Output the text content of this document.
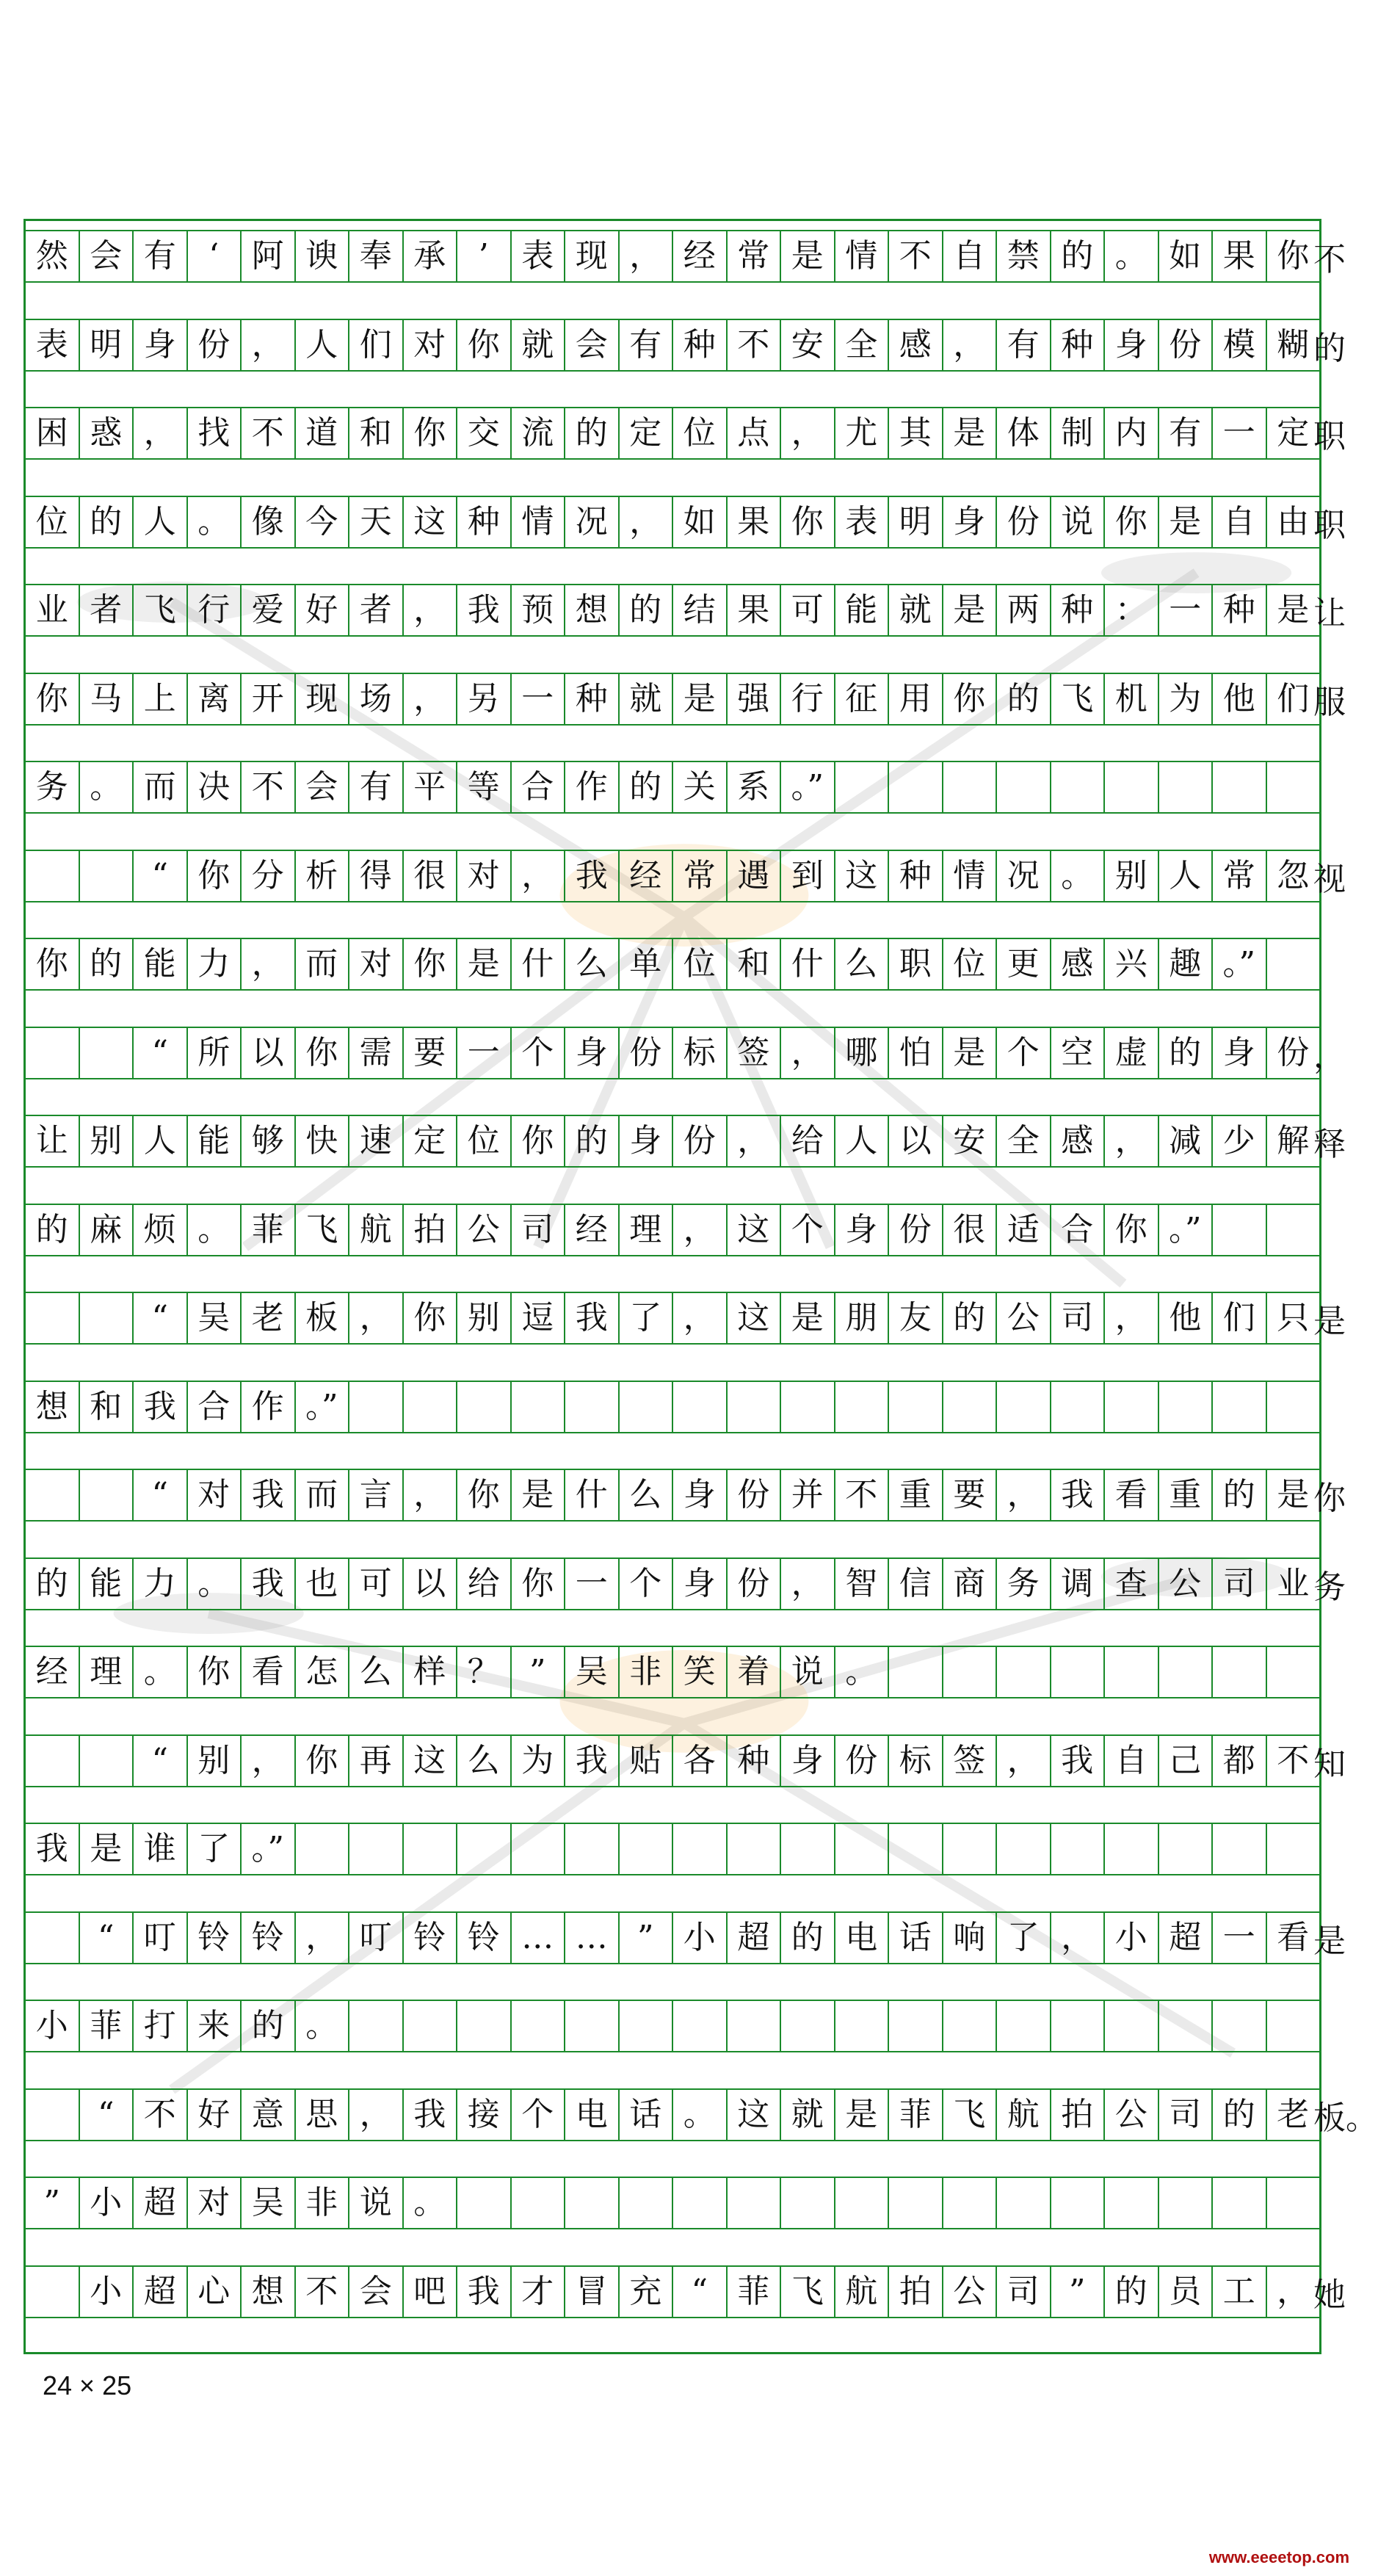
然 会 有	‘	阿 谀 奉 承	’	表 现 ， 经 常 是 情 不 自 禁 的 。 如 果 你 不
表 明 身 份 ， 人 们 对 你 就 会 有 种 不 安 全 感 ， 有 种 身 份 模 糊 的
困 惑 ， 找 不 道 和 你 交 流 的 定 位 点 ， 尤 其 是 体 制 内 有 一 定 职
位 的 人 。 像 今 天 这 种 情 况 ， 如 果 你 表 明 身 份 说 你 是 自 由 职
业 者 飞 行 爱 好 者 ， 我 预 想 的 结 果 可 能 就 是 两 种 ： 一 种 是 让
你 马 上 离 开 现 场 ， 另 一 种 就 是 强 行 征 用 你 的 飞 机 为 他 们 服
务 。 而 决 不 会 有 平 等 合 作 的 关 系 。”
“ 你 分 析 得 很 对 ， 我 经 常 遇 到 这 种 情 况 。 别 人 常 忽 视
你 的 能 力 ， 而 对 你 是 什 么 单 位 和 什 么 职 位 更 感 兴 趣 。”
“ 所 以 你 需 要 一 个 身 份 标 签 ， 哪 怕 是 个 空 虚 的 身 份 ，
让 别 人 能 够 快 速 定 位 你 的 身 份 ， 给 人 以 安 全 感 ， 减 少 解 释
的 麻 烦 。 菲 飞 航 拍 公 司 经 理 ， 这 个 身 份 很 适 合 你 。”
“ 吴 老 板 ， 你 别 逗 我 了 ， 这 是 朋 友 的 公 司 ， 他 们 只 是
想 和 我 合 作 。”
“ 对 我 而 言 ， 你 是 什 么 身 份 并 不 重 要 ， 我 看 重 的 是 你
的 能 力 。 我 也 可 以 给 你 一 个 身 份 ， 智 信 商 务 调 查 公 司 业 务
经 理 。 你 看 怎 么 样 ？ ” 吴 非 笑 着 说 。
“ 别 ， 你 再 这 么 为 我 贴 各 种 身 份 标 签 ， 我 自 己 都 不 知
我 是 谁 了 。”
“ 叮 铃 铃 ， 叮 铃 铃 … … ” 小 超 的 电 话 响 了 ， 小 超 一 看 是
小 菲 打 来 的 。
“ 不 好 意 思 ， 我 接 个 电 话 。 这 就 是 菲 飞 航 拍 公 司 的 老 板。
” 小 超 对 吴 非 说 。
小 超 心 想 不 会 吧 我 才 冒 充 “ 菲 飞 航 拍 公 司 ” 的 员 工 ， 她
24 × 25
www.eeeetop.com
